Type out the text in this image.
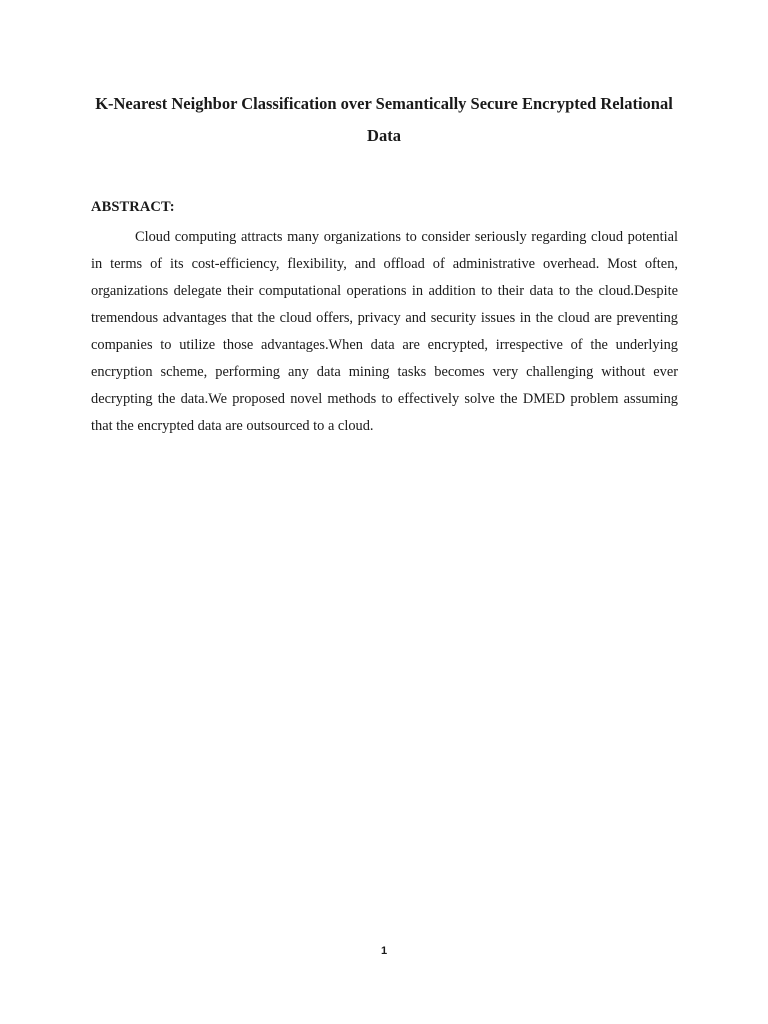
K-Nearest Neighbor Classification over Semantically Secure Encrypted Relational Data
ABSTRACT:

Cloud computing attracts many organizations to consider seriously regarding cloud potential in terms of its cost-efficiency, flexibility, and offload of administrative overhead. Most often, organizations delegate their computational operations in addition to their data to the cloud.Despite tremendous advantages that the cloud offers, privacy and security issues in the cloud are preventing companies to utilize those advantages.When data are encrypted, irrespective of the underlying encryption scheme, performing any data mining tasks becomes very challenging without ever decrypting the data.We proposed novel methods to effectively solve the DMED problem assuming that the encrypted data are outsourced to a cloud.

1
